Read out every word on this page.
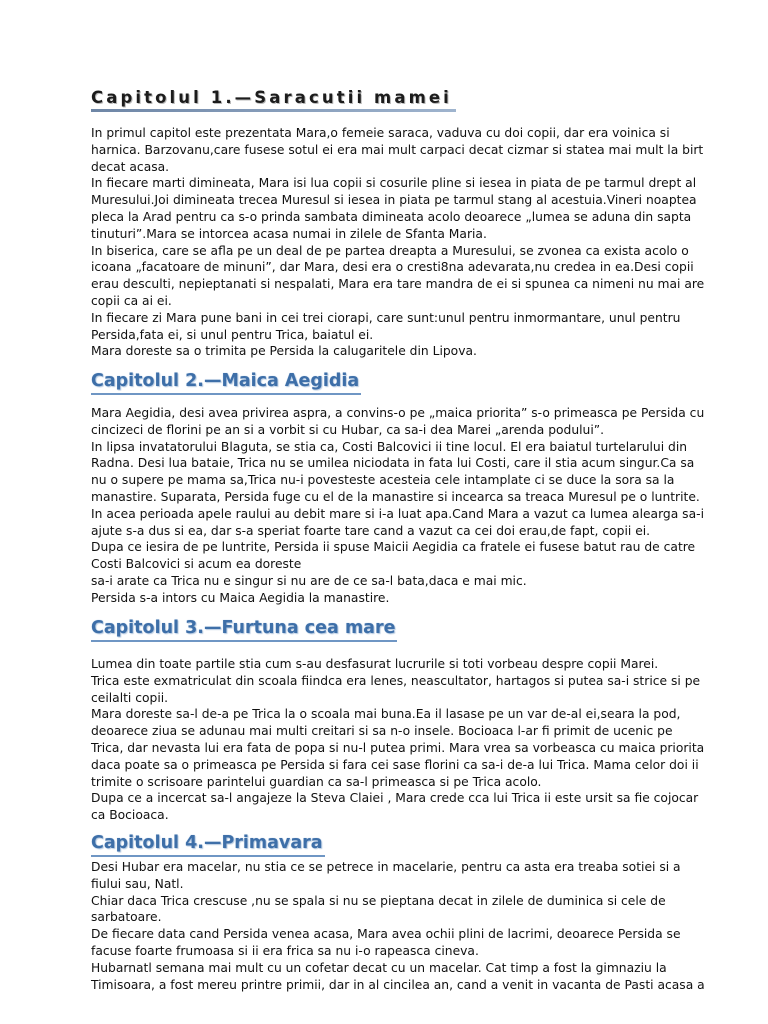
Capitolul 1.—Saracutii mamei
In primul capitol este prezentata Mara,o femeie saraca, vaduva cu doi copii, dar era voinica si
harnica. Barzovanu,care fusese sotul ei era mai mult carpaci decat cizmar si statea mai mult la birt
decat acasa.
In fiecare marti dimineata, Mara isi lua copii si cosurile pline si iesea in piata de pe tarmul drept al
Muresului.Joi dimineata trecea Muresul si iesea in piata pe tarmul stang al acestuia.Vineri noaptea
pleca la Arad pentru ca s-o prinda sambata dimineata acolo deoarece „lumea se aduna din sapta
tinuturi”.Mara se intorcea acasa numai in zilele de Sfanta Maria.
In biserica, care se afla pe un deal de pe partea dreapta a Muresului, se zvonea ca exista acolo o
icoana „facatoare de minuni”, dar Mara, desi era o cresti8na adevarata,nu credea in ea.Desi copii
erau desculti, nepieptanati si nespalati, Mara era tare mandra de ei si spunea ca nimeni nu mai are
copii ca ai ei.
In fiecare zi Mara pune bani in cei trei ciorapi, care sunt:unul pentru inmormantare, unul pentru
Persida,fata ei, si unul pentru Trica, baiatul ei.
Mara doreste sa o trimita pe Persida la calugaritele din Lipova.
Capitolul 2.—Maica Aegidia
Mara Aegidia, desi avea privirea aspra, a convins-o pe „maica priorita” s-o primeasca pe Persida cu
cincizeci de florini pe an si a vorbit si cu Hubar, ca sa-i dea Marei „arenda podului”.
In lipsa invatatorului Blaguta, se stia ca, Costi Balcovici ii tine locul. El era baiatul turtelarului din
Radna. Desi lua bataie, Trica nu se umilea niciodata in fata lui Costi, care il stia acum singur.Ca sa
nu o supere pe mama sa,Trica nu-i povesteste acesteia cele intamplate ci se duce la sora sa la
manastire. Suparata, Persida fuge cu el de la manastire si incearca sa treaca Muresul pe o luntrite.
In acea perioada apele raului au debit mare si i-a luat apa.Cand Mara a vazut ca lumea alearga sa-i
ajute s-a dus si ea, dar s-a speriat foarte tare cand a vazut ca cei doi erau,de fapt, copii ei.
Dupa ce iesira de pe luntrite, Persida ii spuse Maicii Aegidia ca fratele ei fusese batut rau de catre
Costi Balcovici si acum ea doreste
sa-i arate ca Trica nu e singur si nu are de ce sa-l bata,daca e mai mic.
Persida s-a intors cu Maica Aegidia la manastire.
Capitolul 3.—Furtuna cea mare
Lumea din toate partile stia cum s-au desfasurat lucrurile si toti vorbeau despre copii Marei.
Trica este exmatriculat din scoala fiindca era lenes, neascultator, hartagos si putea sa-i strice si pe
ceilalti copii.
Mara doreste sa-l de-a pe Trica la o scoala mai buna.Ea il lasase pe un var de-al ei,seara la pod,
deoarece ziua se adunau mai multi creitari si sa n-o insele. Bocioaca l-ar fi primit de ucenic pe
Trica, dar nevasta lui era fata de popa si nu-l putea primi. Mara vrea sa vorbeasca cu maica priorita
daca poate sa o primeasca pe Persida si fara cei sase florini ca sa-i de-a lui Trica. Mama celor doi ii
trimite o scrisoare parintelui guardian ca sa-l primeasca si pe Trica acolo.
Dupa ce a incercat sa-l angajeze la Steva Claiei , Mara crede cca lui Trica ii este ursit sa fie cojocar
ca Bocioaca.
Capitolul 4.—Primavara
Desi Hubar era macelar, nu stia ce se petrece in macelarie, pentru ca asta era treaba sotiei si a
fiului sau, Natl.
Chiar daca Trica crescuse ,nu se spala si nu se pieptana decat in zilele de duminica si cele de
sarbatoare.
De fiecare data cand Persida venea acasa, Mara avea ochii plini de lacrimi, deoarece Persida se
facuse foarte frumoasa si ii era frica sa nu i-o rapeasca cineva.
Hubarnatl semana mai mult cu un cofetar decat cu un macelar. Cat timp a fost la gimnaziu la
Timisoara, a fost mereu printre primii, dar in al cincilea an, cand a venit in vacanta de Pasti acasa a
